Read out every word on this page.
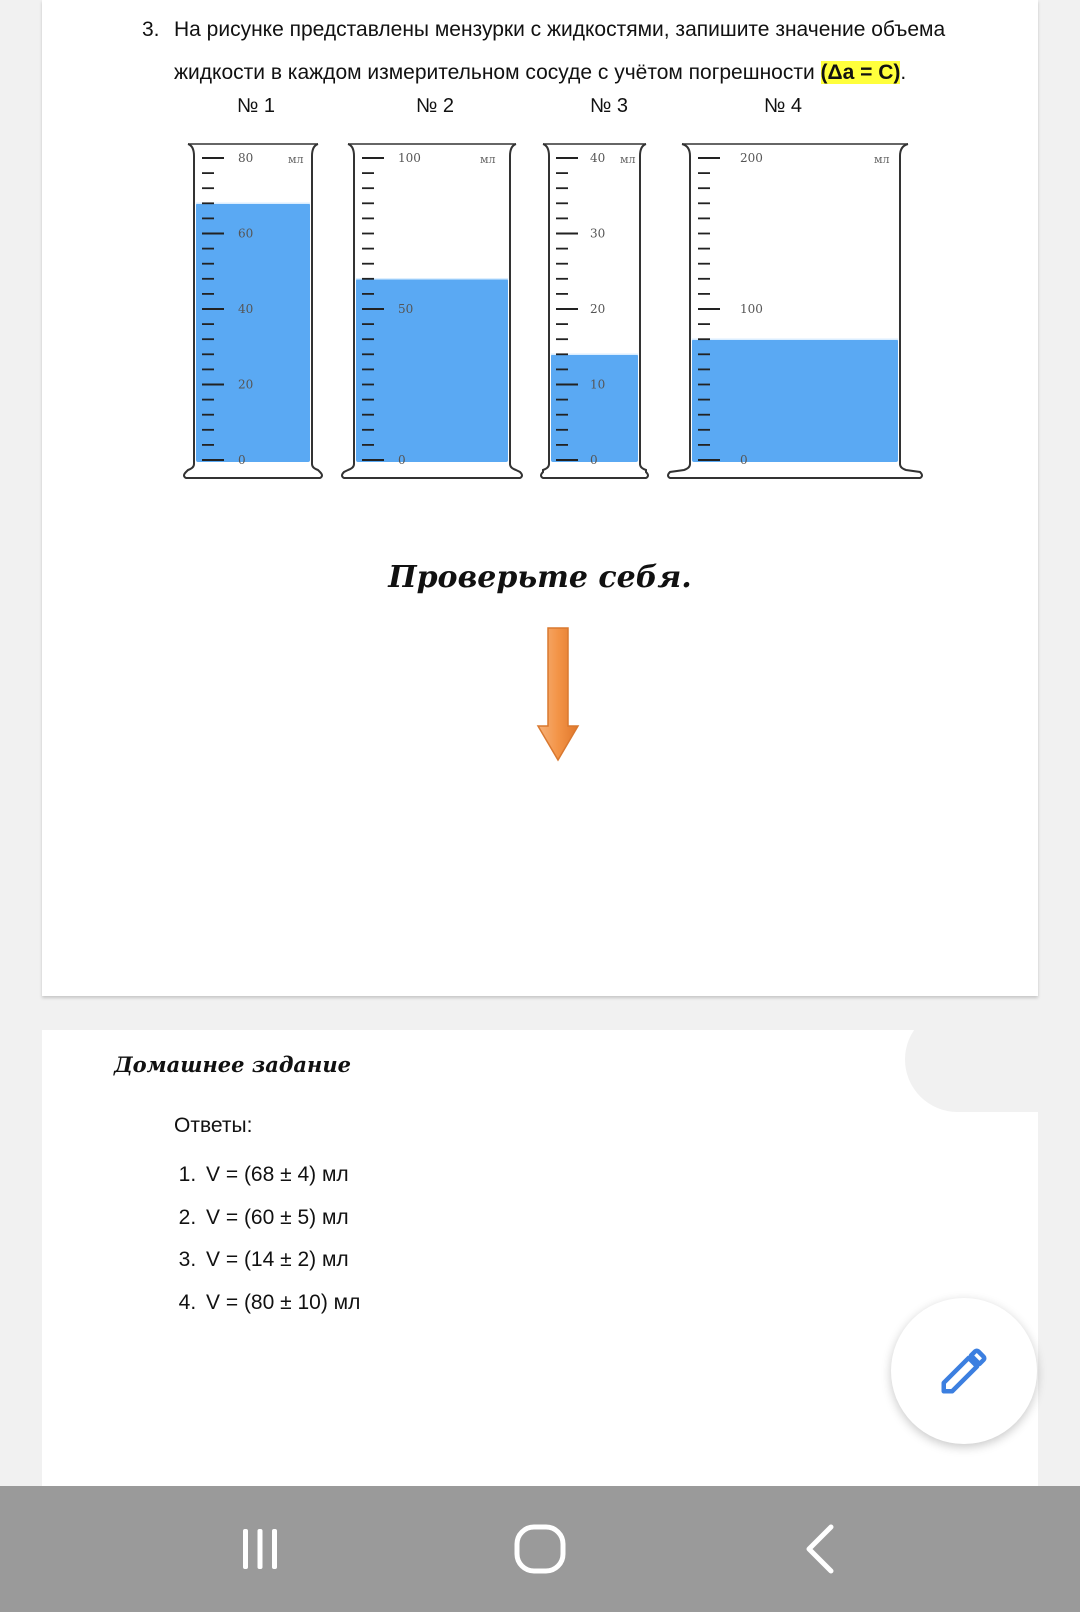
3. На рисунке представлены мензурки с жидкостями, запишите значение объема жидкости в каждом измерительном сосуде с учётом погрешности (Δа = С).
№ 1	№ 2	№ 3	№ 4
80
60
40
20
0
мл	100
50
0
мл	40
30
20
10
0
мл	200
100
0
мл
Проверьте себя.
Домашнее задание
Ответы:
1. V = (68 ± 4) мл
2. V = (60 ± 5) мл
3. V = (14 ± 2) мл
4. V = (80 ± 10) мл
